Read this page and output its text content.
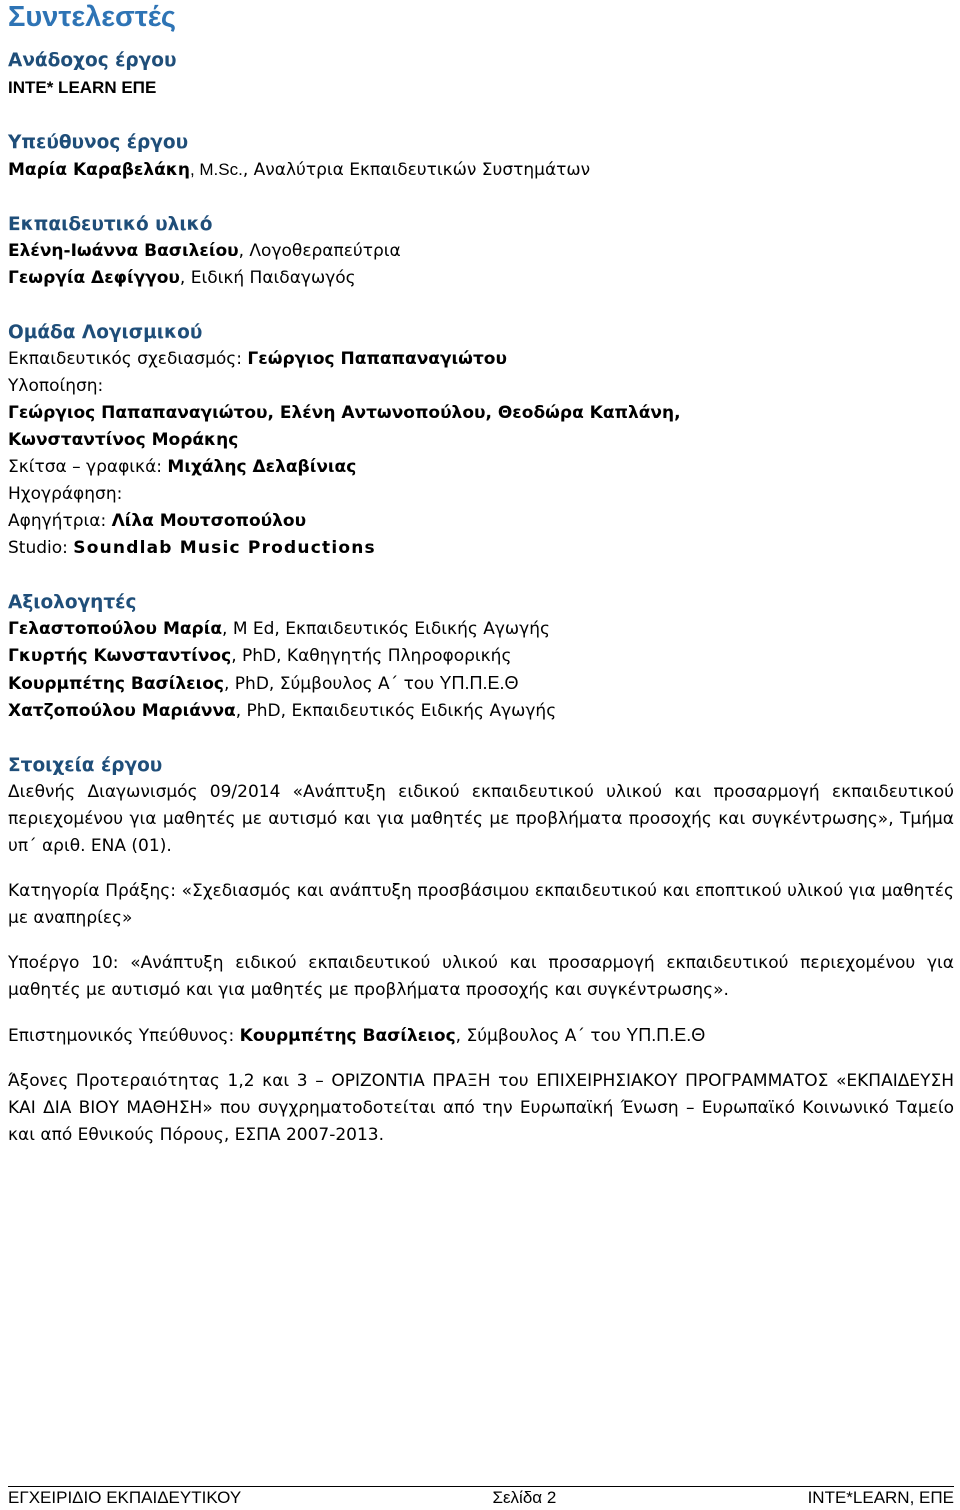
Συντελεστές
Ανάδοχος έργου
INTE* LEARN ΕΠΕ
Υπεύθυνος έργου
Μαρία Καραβελάκη, M.Sc., Αναλύτρια Εκπαιδευτικών Συστημάτων
Εκπαιδευτικό υλικό
Ελένη-Ιωάννα Βασιλείου, Λογοθεραπεύτρια
Γεωργία Δεφίγγου, Ειδική Παιδαγωγός
Ομάδα Λογισμικού
Εκπαιδευτικός σχεδιασμός: Γεώργιος Παπαπαναγιώτου
Υλοποίηση:
Γεώργιος Παπαπαναγιώτου, Ελένη Αντωνοπούλου, Θεοδώρα Καπλάνη,
Κωνσταντίνος Μοράκης
Σκίτσα – γραφικά: Μιχάλης Δελαβίνιας
Ηχογράφηση:
Αφηγήτρια: Λίλα Μουτσοπούλου
Studio: Soundlab Music Productions
Αξιολογητές
Γελαστοπούλου Μαρία, M Ed, Εκπαιδευτικός Ειδικής Αγωγής
Γκυρτής Κωνσταντίνος, PhD, Καθηγητής Πληροφορικής
Κουρμπέτης Βασίλειος, PhD, Σύμβουλος Α΄ του ΥΠ.Π.Ε.Θ
Χατζοπούλου Μαριάννα, PhD, Εκπαιδευτικός Ειδικής Αγωγής
Στοιχεία έργου
Διεθνής Διαγωνισμός 09/2014 «Ανάπτυξη ειδικού εκπαιδευτικού υλικού και προσαρμογή εκπαιδευτικού περιεχομένου για μαθητές με αυτισμό και για μαθητές με προβλήματα προσοχής και συγκέντρωσης», Τμήμα υπ΄ αριθ. ΕΝΑ (01).
Κατηγορία Πράξης: «Σχεδιασμός και ανάπτυξη προσβάσιμου εκπαιδευτικού και εποπτικού υλικού για μαθητές με αναπηρίες»
Υποέργο 10: «Ανάπτυξη ειδικού εκπαιδευτικού υλικού και προσαρμογή εκπαιδευτικού περιεχομένου για μαθητές με αυτισμό και για μαθητές με προβλήματα προσοχής και συγκέντρωσης».
Επιστημονικός Υπεύθυνος: Κουρμπέτης Βασίλειος, Σύμβουλος Α΄ του ΥΠ.Π.Ε.Θ
Άξονες Προτεραιότητας 1,2 και 3 – ΟΡΙΖΟΝΤΙΑ ΠΡΑΞΗ του ΕΠΙΧΕΙΡΗΣΙΑΚΟΥ ΠΡΟΓΡΑΜΜΑΤΟΣ «ΕΚΠΑΙΔΕΥΣΗ ΚΑΙ ΔΙΑ ΒΙΟΥ ΜΑΘΗΣΗ» που συγχρηματοδοτείται από την Ευρωπαϊκή Ένωση – Ευρωπαϊκό Κοινωνικό Ταμείο και από Εθνικούς Πόρους, ΕΣΠΑ 2007-2013.
ΕΓΧΕΙΡΙΔΙΟ ΕΚΠΑΙΔΕΥΤΙΚΟΥ	Σελίδα 2	INTE*LEARN, ΕΠΕ
